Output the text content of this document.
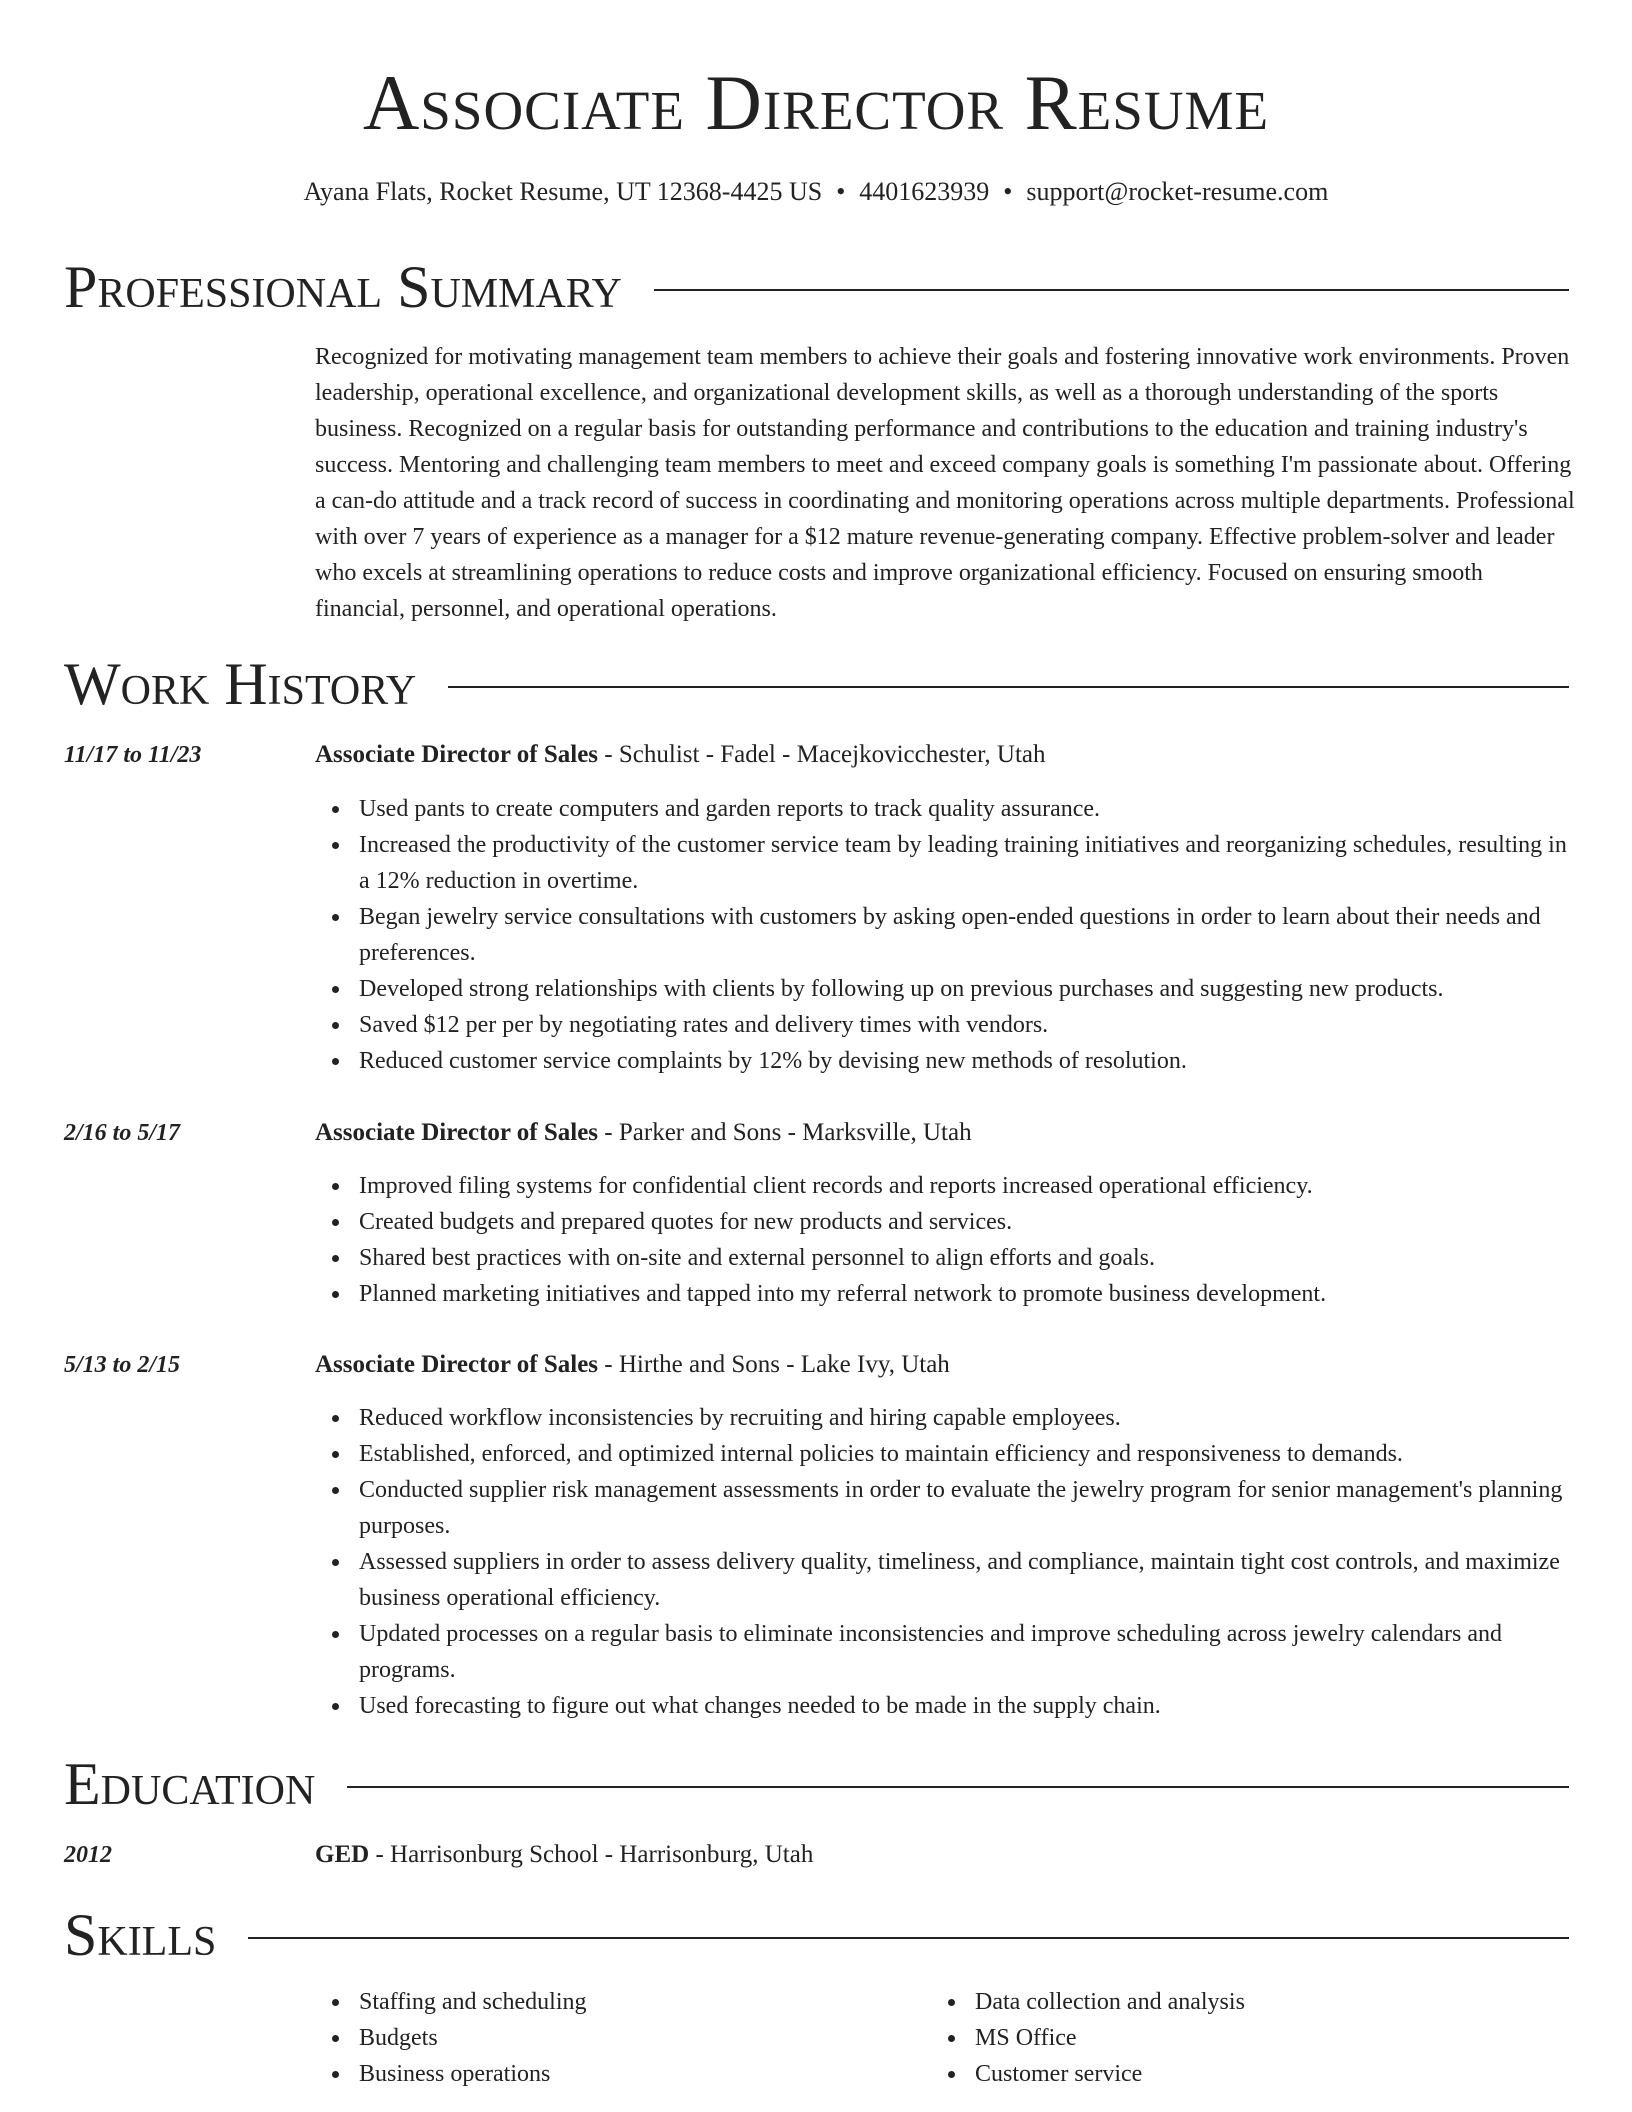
Associate Director Resume
Ayana Flats, Rocket Resume, UT 12368-4425 US • 4401623939 • support@rocket-resume.com
Professional Summary

Recognized for motivating management team members to achieve their goals and fostering innovative work environments. Proven leadership, operational excellence, and organizational development skills, as well as a thorough understanding of the sports business. Recognized on a regular basis for outstanding performance and contributions to the education and training industry's success. Mentoring and challenging team members to meet and exceed company goals is something I'm passionate about. Offering a can-do attitude and a track record of success in coordinating and monitoring operations across multiple departments. Professional with over 7 years of experience as a manager for a $12 mature revenue-generating company. Effective problem-solver and leader who excels at streamlining operations to reduce costs and improve organizational efficiency. Focused on ensuring smooth financial, personnel, and operational operations.

Work History
11/17 to 11/23	Associate Director of Sales - Schulist - Fadel - Macejkovicchester, Utah
Used pants to create computers and garden reports to track quality assurance.
Increased the productivity of the customer service team by leading training initiatives and reorganizing schedules, resulting in a 12% reduction in overtime.
Began jewelry service consultations with customers by asking open-ended questions in order to learn about their needs and preferences.
Developed strong relationships with clients by following up on previous purchases and suggesting new products.
Saved $12 per per by negotiating rates and delivery times with vendors.
Reduced customer service complaints by 12% by devising new methods of resolution.
2/16 to 5/17	Associate Director of Sales - Parker and Sons - Marksville, Utah
Improved filing systems for confidential client records and reports increased operational efficiency.
Created budgets and prepared quotes for new products and services.
Shared best practices with on-site and external personnel to align efforts and goals.
Planned marketing initiatives and tapped into my referral network to promote business development.
5/13 to 2/15	Associate Director of Sales - Hirthe and Sons - Lake Ivy, Utah
Reduced workflow inconsistencies by recruiting and hiring capable employees.
Established, enforced, and optimized internal policies to maintain efficiency and responsiveness to demands.
Conducted supplier risk management assessments in order to evaluate the jewelry program for senior management's planning purposes.
Assessed suppliers in order to assess delivery quality, timeliness, and compliance, maintain tight cost controls, and maximize business operational efficiency.
Updated processes on a regular basis to eliminate inconsistencies and improve scheduling across jewelry calendars and programs.
Used forecasting to figure out what changes needed to be made in the supply chain.
Education
2012	GED - Harrisonburg School - Harrisonburg, Utah
Skills
Staffing and scheduling
Budgets
Business operations
Data collection and analysis
MS Office
Customer service
